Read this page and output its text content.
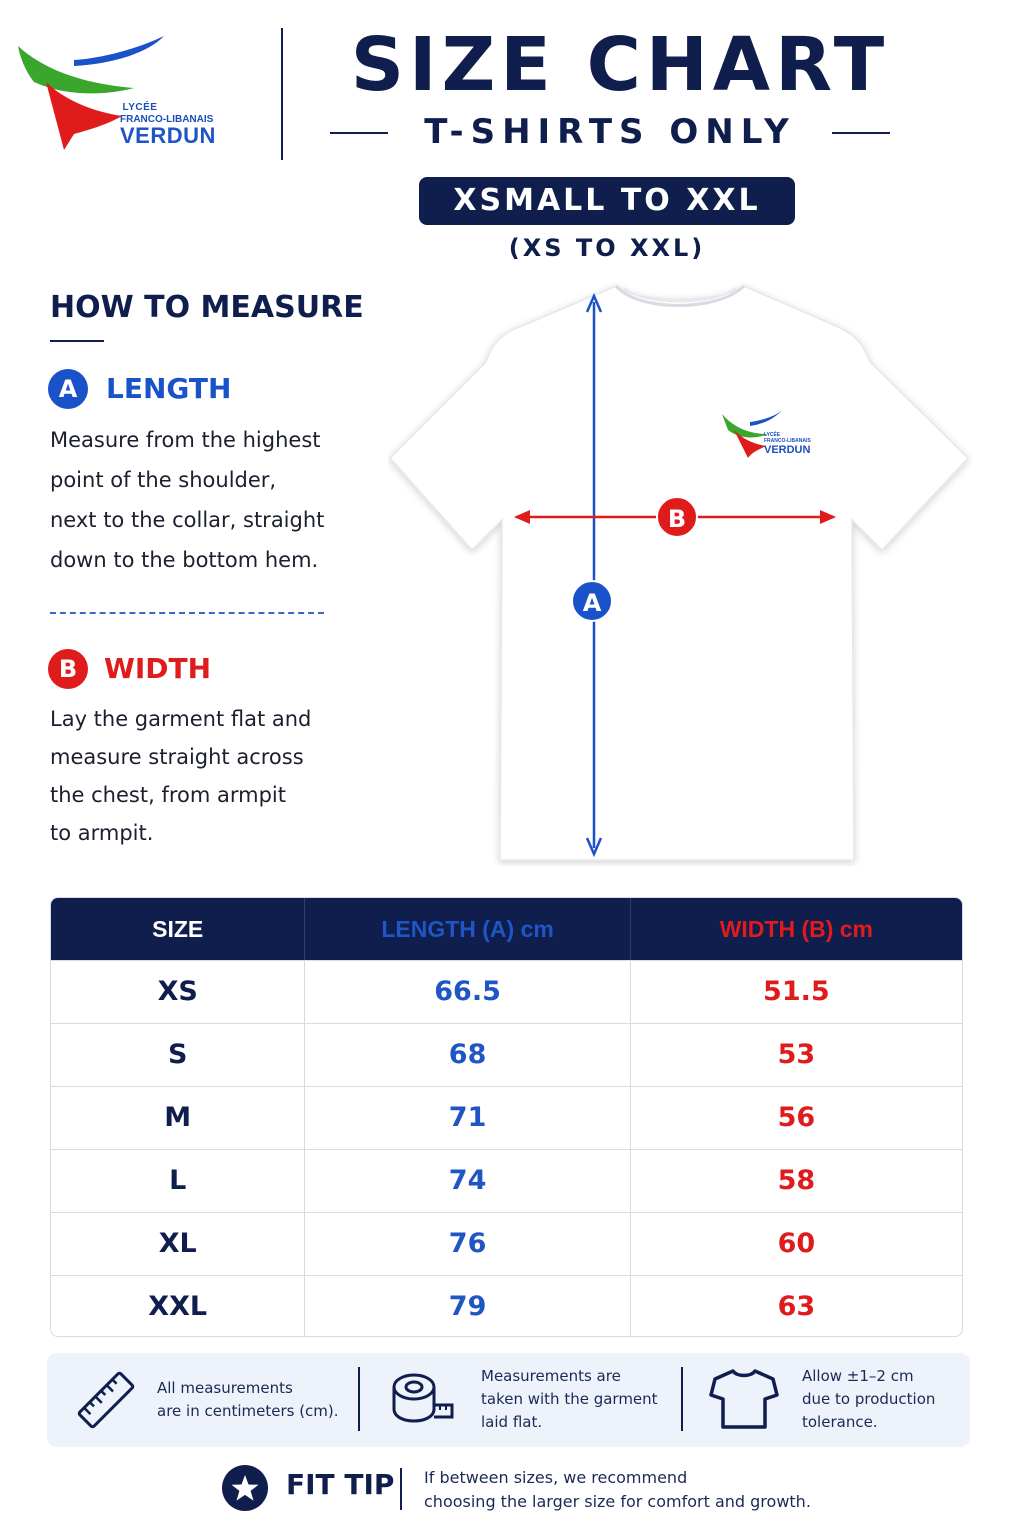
LYCÉE
FRANCO-LIBANAIS
VERDUN
SIZE CHART
T-SHIRTS ONLY
XSMALL TO XXL
(XS TO XXL)
HOW TO MEASURE
A	LENGTH
Measure from the highest
point of the shoulder,
next to the collar, straight
down to the bottom hem.
B WIDTH
Lay the garment flat and
measure straight across
the chest, from armpit
to armpit.
LYCÉE
FRANCO-LIBANAIS
VERDUN
B
A
SIZE	LENGTH (A) cm	WIDTH (B) cm
XS	66.5	51.5
S	68	53
M	71	56
L	74	58
XL	76	60
XXL	79	63
All measurements
are in centimeters (cm).
Measurements are
taken with the garment
laid flat.
Allow ±1–2 cm
due to production
tolerance.
FIT TIP If between sizes, we recommend
choosing the larger size for comfort and growth.
